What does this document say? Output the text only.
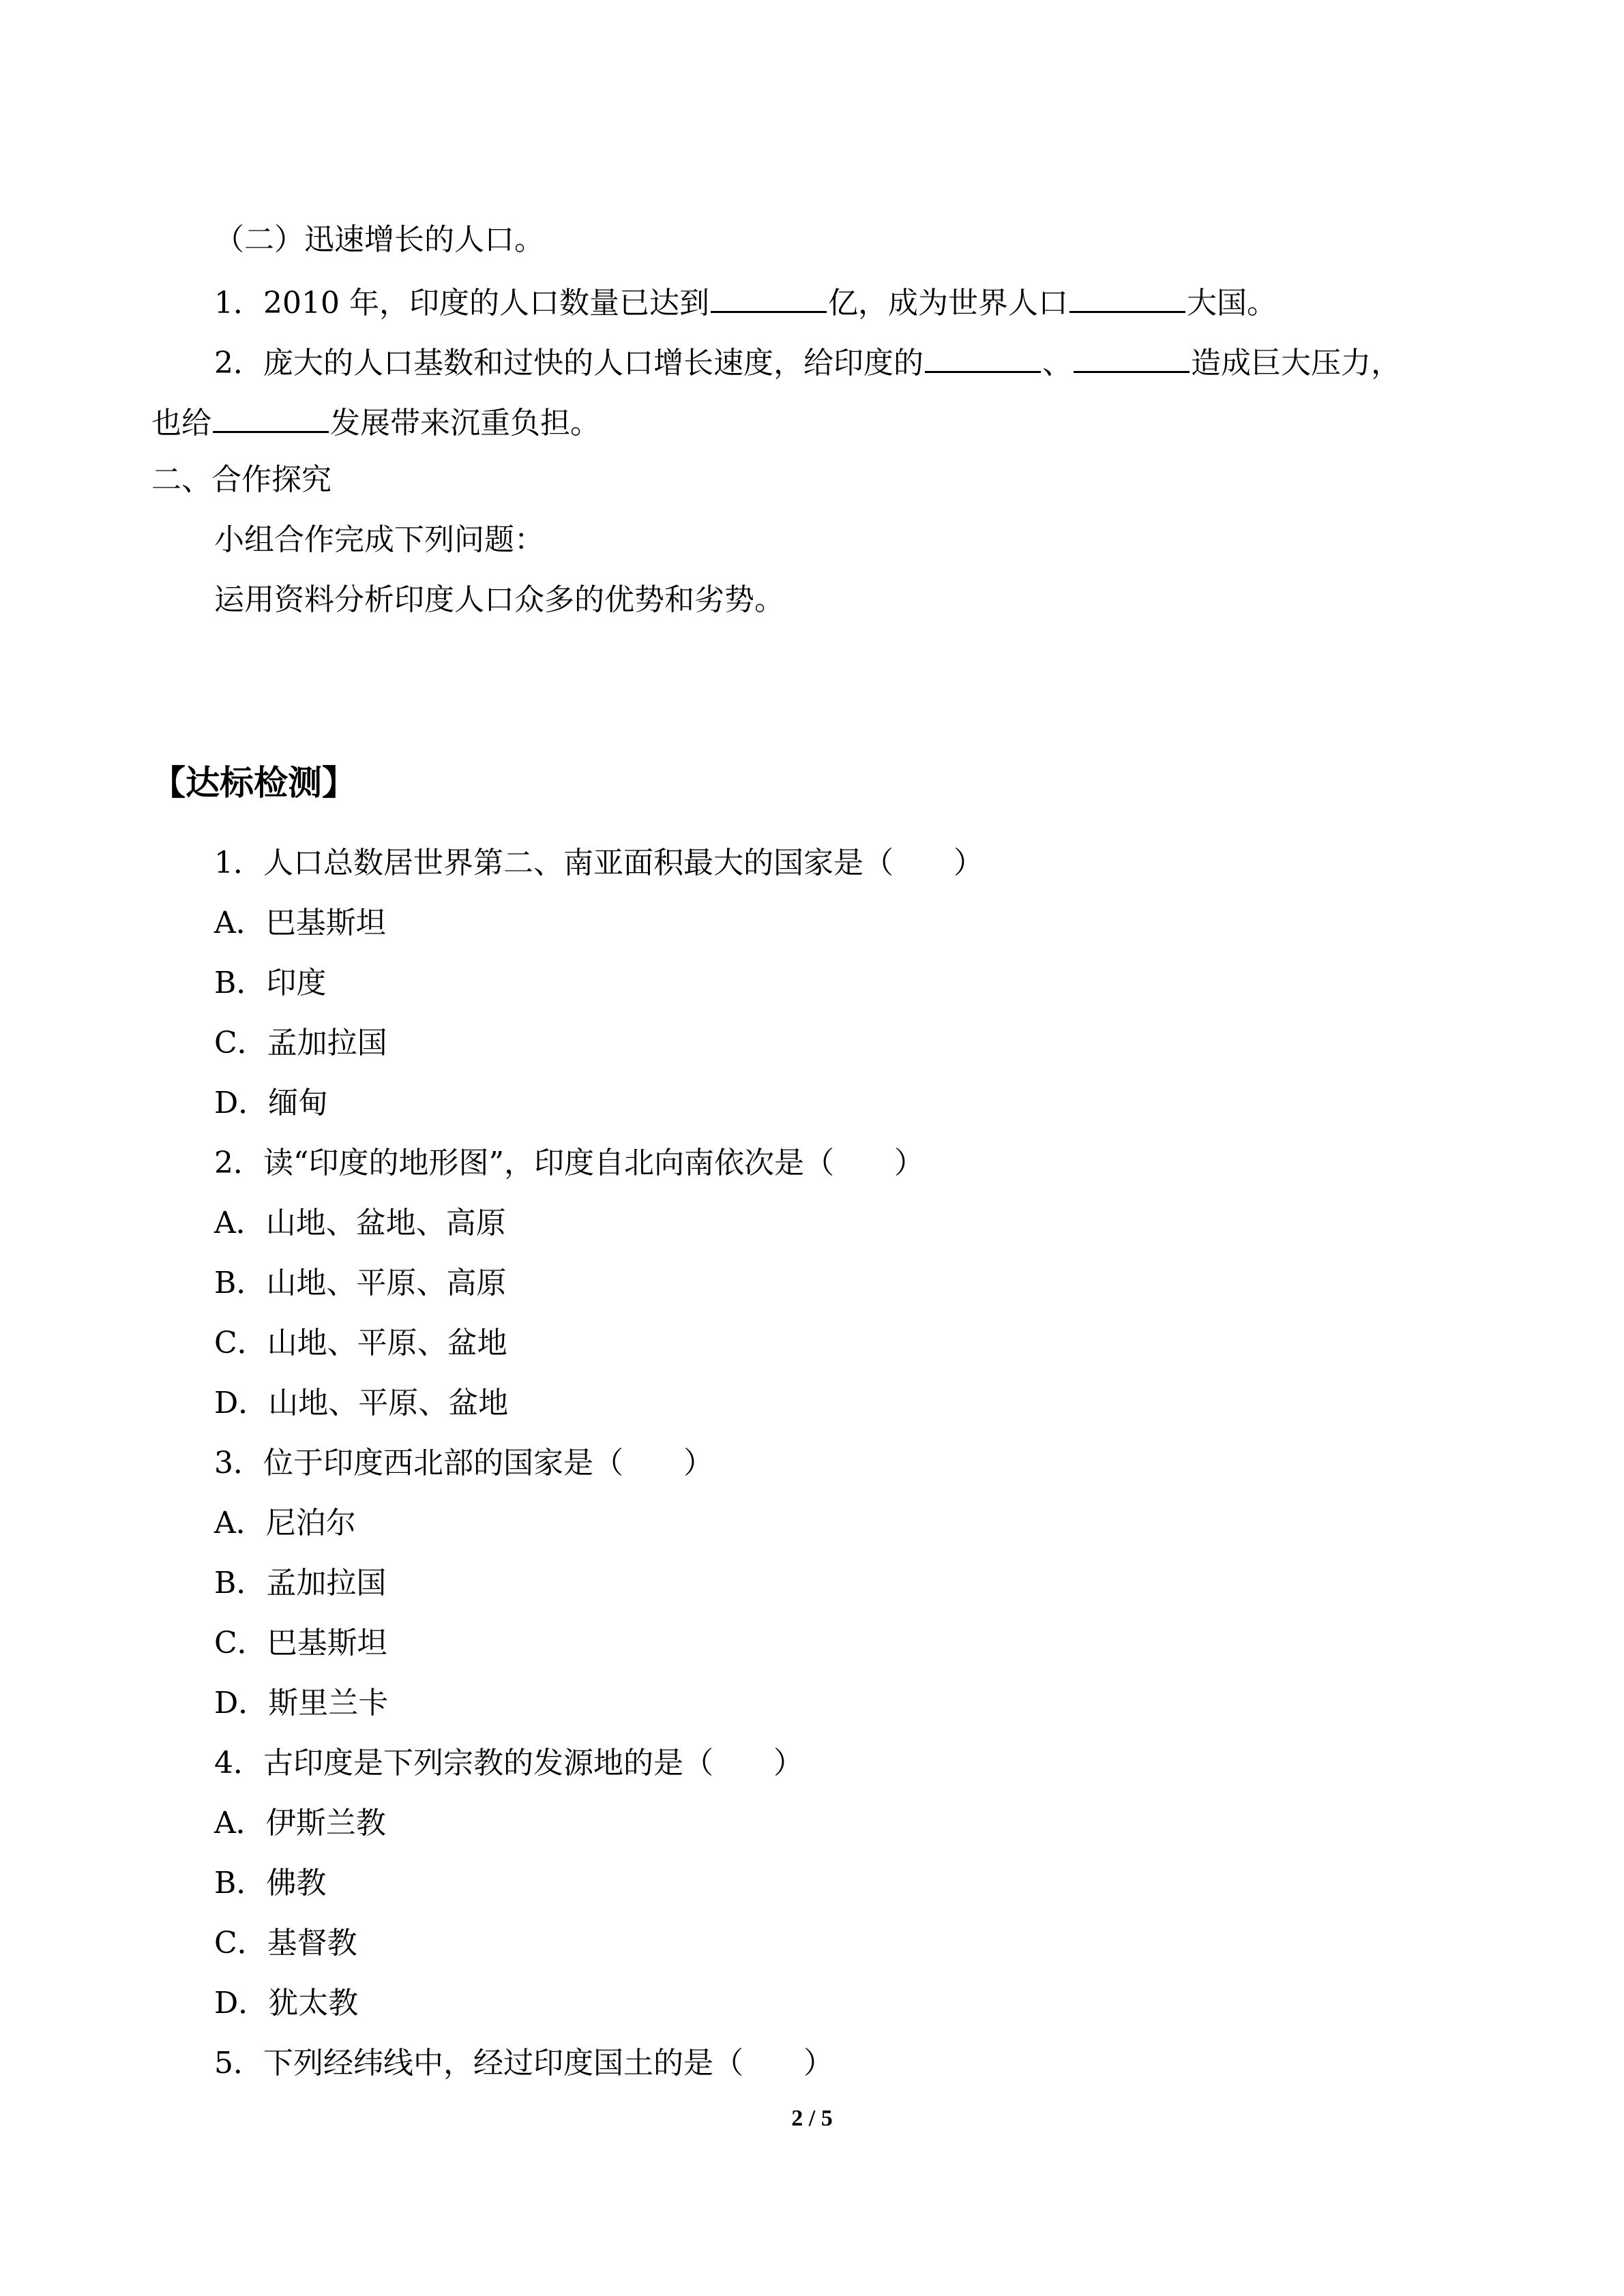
（二）迅速增长的人口。
1．2010 年，印度的人口数量已达到	亿，成为世界人口	大国。
2．庞大的人口基数和过快的人口增长速度，给印度的	、	造成巨大压力，
也给	发展带来沉重负担。
二、合作探究
小组合作完成下列问题：
运用资料分析印度人口众多的优势和劣势。
【达标检测】
1．人口总数居世界第二、南亚面积最大的国家是（　　）
A．巴基斯坦
B．印度
C．孟加拉国
D．缅甸
2．读“印度的地形图”，印度自北向南依次是（　　）
A．山地、盆地、高原
B．山地、平原、高原
C．山地、平原、盆地
D．山地、平原、盆地
3．位于印度西北部的国家是（　　）
A．尼泊尔
B．孟加拉国
C．巴基斯坦
D．斯里兰卡
4．古印度是下列宗教的发源地的是（　　）
A．伊斯兰教
B．佛教
C．基督教
D．犹太教
5．下列经纬线中，经过印度国土的是（　　）
2 / 5
